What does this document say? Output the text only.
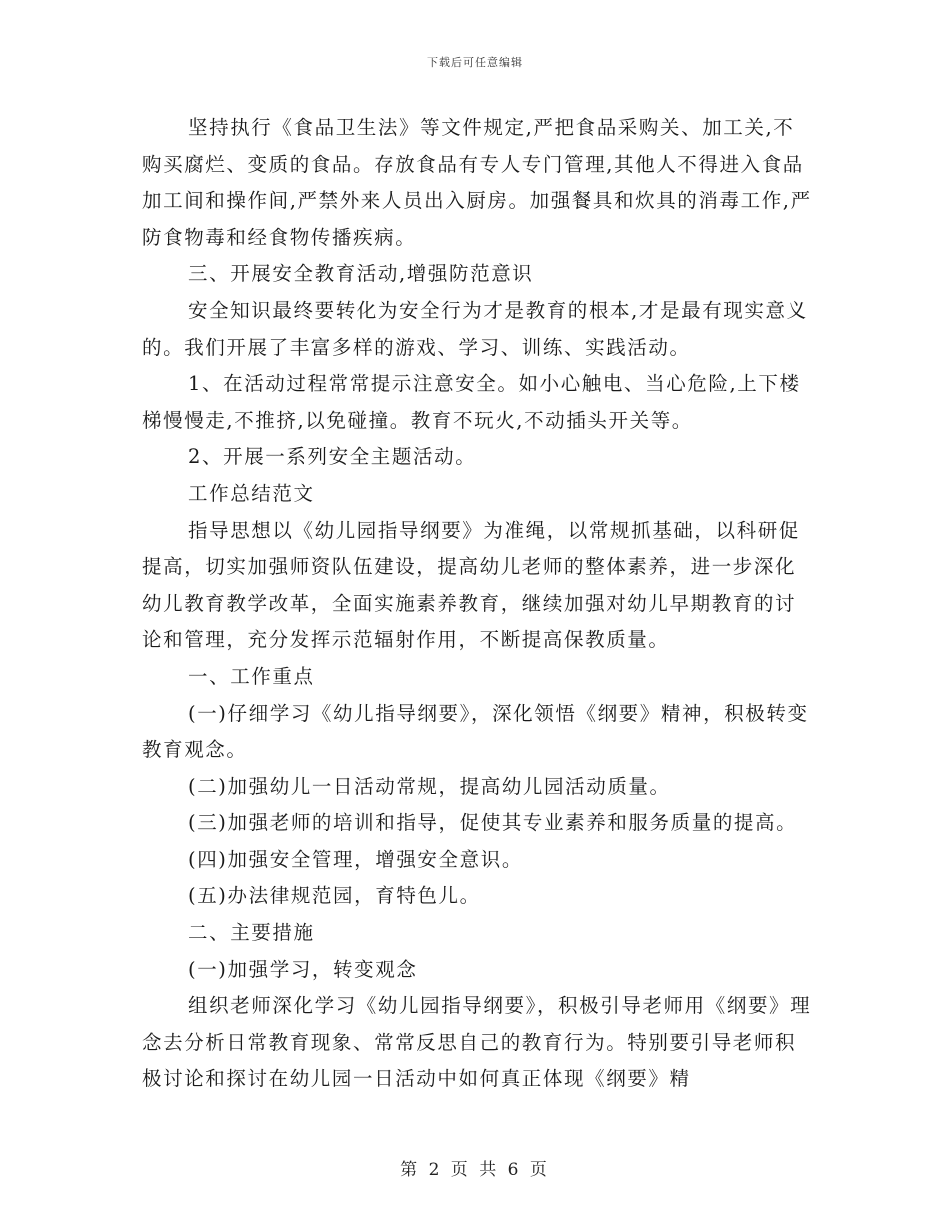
下载后可任意编辑

坚持执行《食品卫生法》等文件规定,严把食品采购关、加工关,不购买腐烂、变质的食品。存放食品有专人专门管理,其他人不得进入食品加工间和操作间,严禁外来人员出入厨房。加强餐具和炊具的消毒工作,严防食物毒和经食物传播疾病。

三、开展安全教育活动,增强防范意识

安全知识最终要转化为安全行为才是教育的根本,才是最有现实意义的。我们开展了丰富多样的游戏、学习、训练、实践活动。

1、在活动过程常常提示注意安全。如小心触电、当心危险,上下楼梯慢慢走,不推挤,以免碰撞。教育不玩火,不动插头开关等。

2、开展一系列安全主题活动。

工作总结范文

指导思想以《幼儿园指导纲要》为准绳，以常规抓基础，以科研促提高，切实加强师资队伍建设，提高幼儿老师的整体素养，进一步深化幼儿教育教学改革，全面实施素养教育，继续加强对幼儿早期教育的讨论和管理，充分发挥示范辐射作用，不断提高保教质量。

一、工作重点

(一)仔细学习《幼儿指导纲要》，深化领悟《纲要》精神，积极转变教育观念。

(二)加强幼儿一日活动常规，提高幼儿园活动质量。

(三)加强老师的培训和指导，促使其专业素养和服务质量的提高。

(四)加强安全管理，增强安全意识。

(五)办法律规范园，育特色儿。

二、主要措施

(一)加强学习，转变观念

组织老师深化学习《幼儿园指导纲要》，积极引导老师用《纲要》理念去分析日常教育现象、常常反思自己的教育行为。特别要引导老师积极讨论和探讨在幼儿园一日活动中如何真正体现《纲要》精

第 2 页 共 6 页
